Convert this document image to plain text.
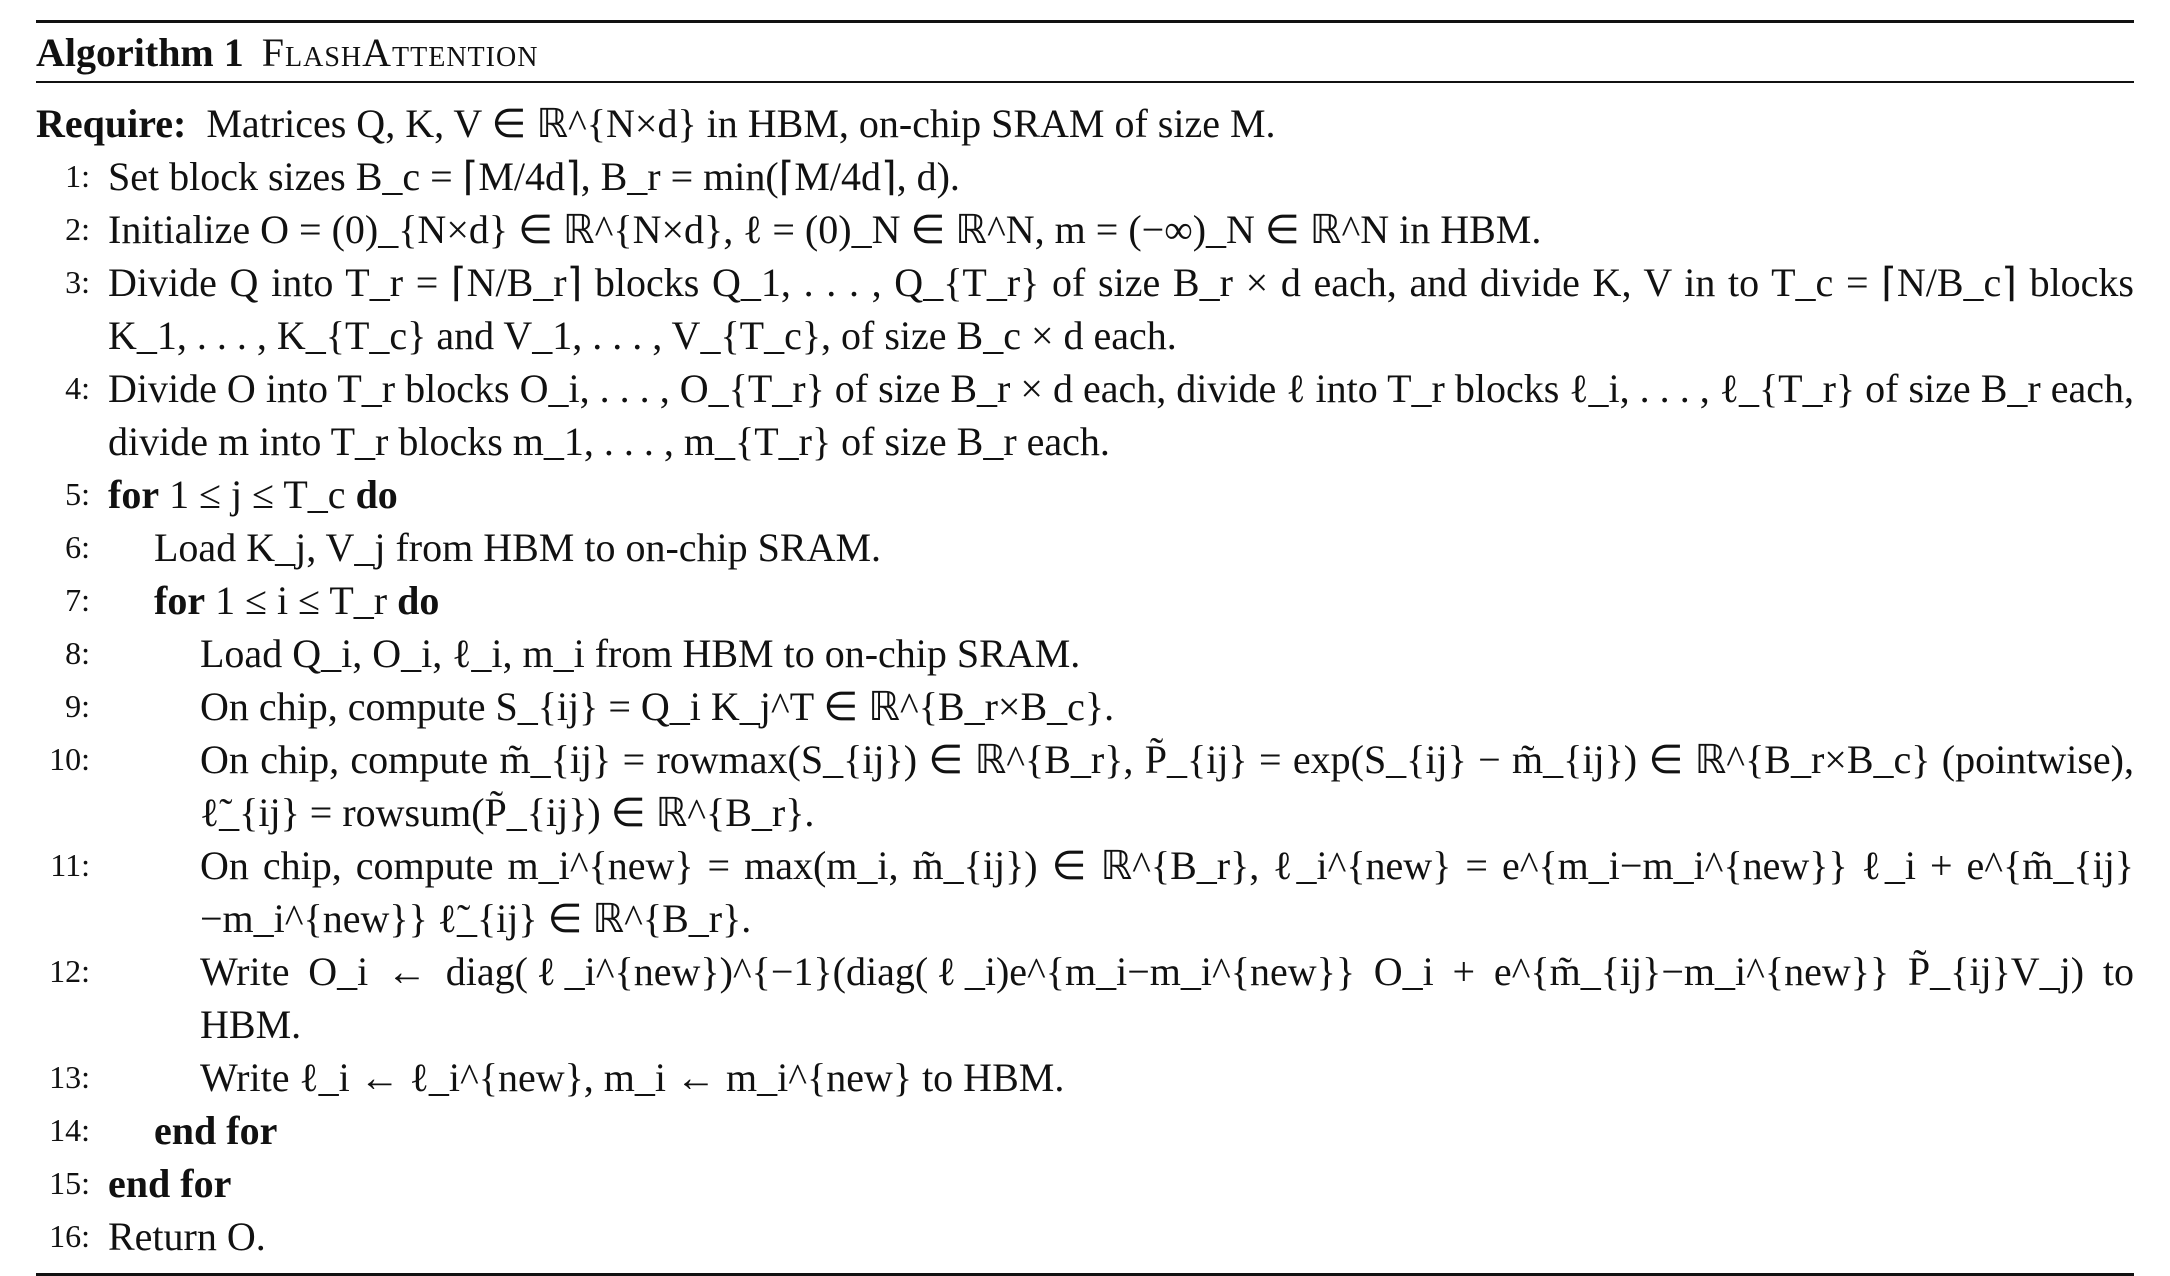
Algorithm 1 FlashAttention
Require: Matrices Q, K, V ∈ ℝ^{N×d} in HBM, on-chip SRAM of size M.
1: Set block sizes B_c = ⌈M/4d⌉, B_r = min(⌈M/4d⌉, d).
2: Initialize O = (0)_{N×d} ∈ ℝ^{N×d}, ℓ = (0)_N ∈ ℝ^N, m = (−∞)_N ∈ ℝ^N in HBM.
3: Divide Q into T_r = ⌈N/B_r⌉ blocks Q_1, . . . , Q_{T_r} of size B_r × d each, and divide K, V in to T_c = ⌈N/B_c⌉ blocks K_1, . . . , K_{T_c} and V_1, . . . , V_{T_c}, of size B_c × d each.
4: Divide O into T_r blocks O_i, . . . , O_{T_r} of size B_r × d each, divide ℓ into T_r blocks ℓ_i, . . . , ℓ_{T_r} of size B_r each, divide m into T_r blocks m_1, . . . , m_{T_r} of size B_r each.
5: for 1 ≤ j ≤ T_c do
6:	Load K_j, V_j from HBM to on-chip SRAM.
7:	for 1 ≤ i ≤ T_r do
8:	Load Q_i, O_i, ℓ_i, m_i from HBM to on-chip SRAM.
9:	On chip, compute S_{ij} = Q_i K_j^T ∈ ℝ^{B_r×B_c}.
10:	On chip, compute m̃_{ij} = rowmax(S_{ij}) ∈ ℝ^{B_r}, P̃_{ij} = exp(S_{ij} − m̃_{ij}) ∈ ℝ^{B_r×B_c} (pointwise), ℓ̃_{ij} = rowsum(P̃_{ij}) ∈ ℝ^{B_r}.
11:	On chip, compute m_i^{new} = max(m_i, m̃_{ij}) ∈ ℝ^{B_r}, ℓ_i^{new} = e^{m_i−m_i^{new}} ℓ_i + e^{m̃_{ij}−m_i^{new}} ℓ̃_{ij} ∈ ℝ^{B_r}.
12:	Write O_i ← diag(ℓ_i^{new})^{−1}(diag(ℓ_i)e^{m_i−m_i^{new}} O_i + e^{m̃_{ij}−m_i^{new}} P̃_{ij}V_j) to HBM.
13:	Write ℓ_i ← ℓ_i^{new}, m_i ← m_i^{new} to HBM.
14:	end for
15: end for
16: Return O.
